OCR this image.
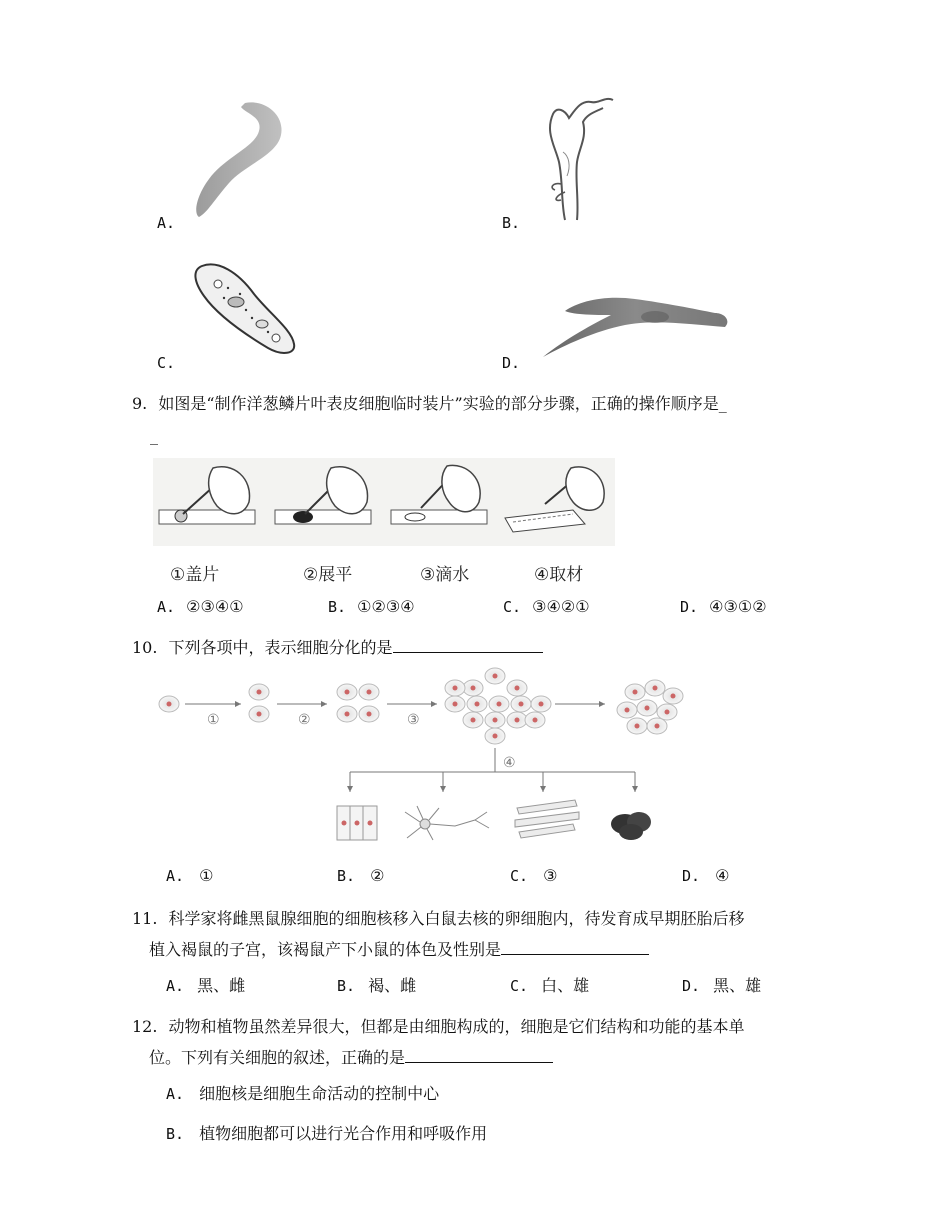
A.	B.
C.	D.
9. 如图是“制作洋葱鳞片叶表皮细胞临时装片”实验的部分步骤，正确的操作顺序是_
_
①盖片	②展平	③滴水	④取材
A. ②③④①	B. ①②③④	C. ③④②①	D. ④③①②
10. 下列各项中，表示细胞分化的是
①	②	③
④
A. ①	B. ②	C. ③	D. ④
11. 科学家将雌黑鼠腺细胞的细胞核移入白鼠去核的卵细胞内，待发育成早期胚胎后移
植入褐鼠的子宫，该褐鼠产下小鼠的体色及性别是
A. 黑、雌	B. 褐、雌	C. 白、雄	D. 黑、雄
12. 动物和植物虽然差异很大，但都是由细胞构成的，细胞是它们结构和功能的基本单
位。下列有关细胞的叙述，正确的是
A. 细胞核是细胞生命活动的控制中心
B. 植物细胞都可以进行光合作用和呼吸作用
